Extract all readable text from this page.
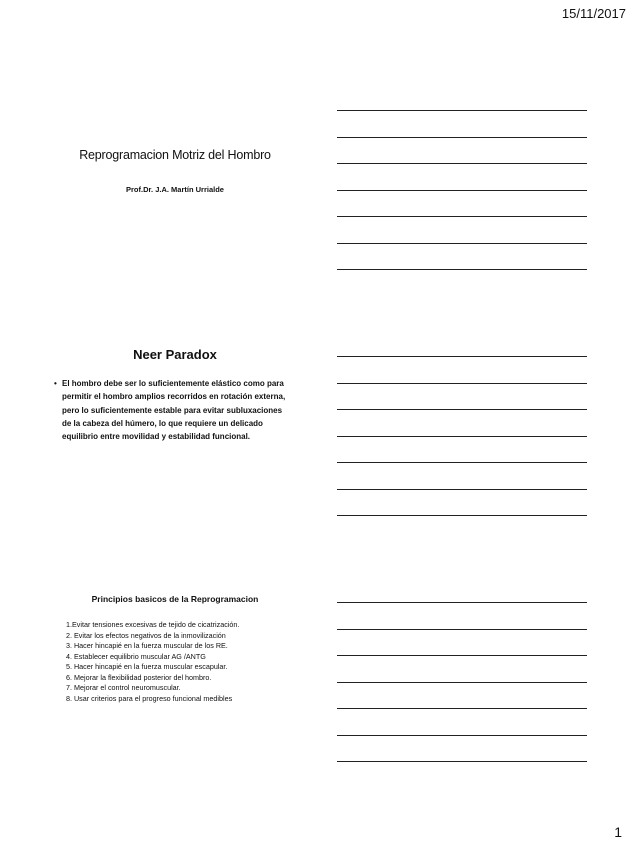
15/11/2017
Reprogramacion Motriz del Hombro
Prof.Dr. J.A. Martín Urrialde
Neer Paradox
• El hombro debe ser lo suficientemente elástico como para permitir el hombro amplios recorridos en rotación externa, pero lo suficientemente estable para evitar subluxaciones de la cabeza del húmero, lo que requiere un delicado equilibrio entre movilidad y estabilidad funcional.
Principios basicos de la Reprogramacion
1.Evitar tensiones excesivas de tejido de cicatrización.
2. Evitar los efectos negativos de la inmovilización
3. Hacer hincapié en la fuerza muscular de los RE.
4. Establecer equilibrio muscular AG /ANTG
5. Hacer hincapié en la fuerza muscular escapular.
6. Mejorar la flexibilidad posterior del hombro.
7. Mejorar el control neuromuscular.
8. Usar criterios para el progreso funcional medibles
1
